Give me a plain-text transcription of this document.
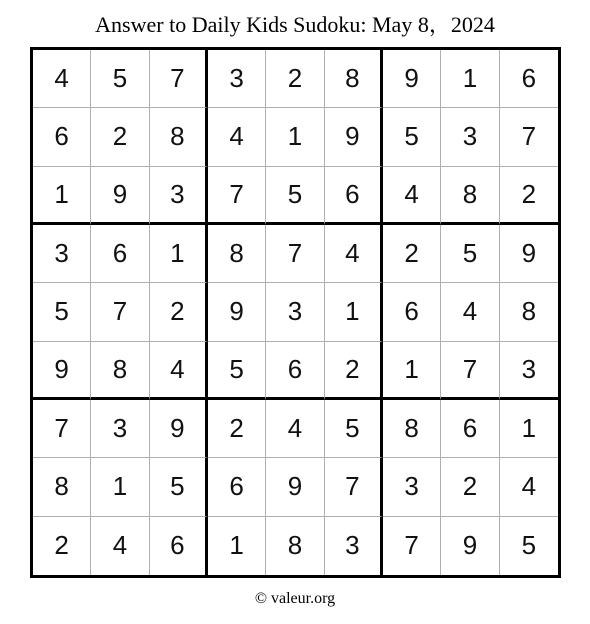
Answer to Daily Kids Sudoku: May 8，2024
4	5	7	3	2	8	9	1	6
6	2	8	4	1	9	5	3	7
1	9	3	7	5	6	4	8	2
3	6	1	8	7	4	2	5	9
5	7	2	9	3	1	6	4	8
9	8	4	5	6	2	1	7	3
7	3	9	2	4	5	8	6	1
8	1	5	6	9	7	3	2	4
2	4	6	1	8	3	7	9	5
© valeur.org
